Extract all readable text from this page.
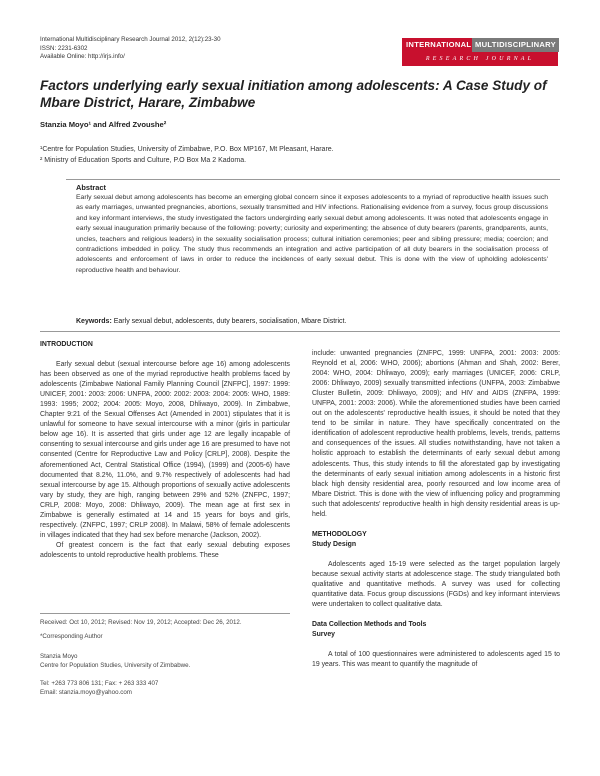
International Multidisciplinary Research Journal 2012, 2(12):23-30
ISSN: 2231-6302
Available Online: http://irjs.info/
INTERNATIONAL MULTIDISCIPLINARY
RESEARCH JOURNAL
Factors underlying early sexual initiation among adolescents: A Case Study of Mbare District, Harare, Zimbabwe
Stanzia Moyo¹ and Alfred Zvoushe²
¹Centre for Population Studies, University of Zimbabwe, P.O. Box MP167, Mt Pleasant, Harare.
² Ministry of Education Sports and Culture, P.O Box Ma 2 Kadoma.
Abstract
Early sexual debut among adolescents has become an emerging global concern since it exposes adolescents to a myriad of reproductive health issues such as early marriages, unwanted pregnancies, abortions, sexually transmitted and HIV infections. Rationalising evidence from a survey, focus group discussions and key informant interviews, the study investigated the factors undergirding early sexual debut among adolescents. It was noted that adolescents engage in early sexual inauguration primarily because of the following: poverty; curiosity and experimenting; the absence of duty bearers (parents, grandparents, aunts, uncles, teachers and religious leaders) in the sexuality socialisation process; cultural initiation ceremonies; peer and sibling pressure; media; coercion; and contradictions imbedded in policy. The study thus recommends an integration and active participation of all duty bearers in the socialisation process of adolescents and enforcement of laws in order to reduce the incidences of early sexual debut. This is done with the view of upholding adolescents' reproductive health and behaviour.
Keywords: Early sexual debut, adolescents, duty bearers, socialisation, Mbare District.
INTRODUCTION

Early sexual debut (sexual intercourse before age 16) among adolescents has been observed as one of the myriad reproductive health problems faced by adolescents (Zimbabwe National Family Planning Council [ZNFPC], 1997: 1999: UNICEF, 2001: 2003: 2006: UNFPA, 2000: 2002: 2003: 2004: 2005: WHO, 1989: 1993: 1995; 2002; 2004: 2005: Moyo, 2008, Dhliwayo, 2009). In Zimbabwe, Chapter 9:21 of the Sexual Offenses Act (Amended in 2001) stipulates that it is unlawful for someone to have sexual intercourse with a minor (girls in particular below age 16). It is asserted that girls under age 12 are legally incapable of consenting to sexual intercourse and girls under age 16 are presumed to have not consented (Centre for Reproductive Law and Policy [CRLP], 2008). Despite the aforementioned Act, Central Statistical Office (1994), (1999) and (2005-6) have documented that 8.2%, 11.0%, and 9.7% respectively of adolescents had had sexual intercourse by age 15. Although proportions of sexually active adolescents vary by study, they are high, ranging between 29% and 52% (ZNFPC, 1997; CRLP, 2008: Moyo, 2008: Dhliwayo, 2009). The mean age at first sex in Zimbabwe is generally estimated at 14 and 15 years for boys and girls, respectively. (ZNFPC, 1997; CRLP 2008). In Malawi, 58% of female adolescents in villages indicated that they had sex before menarche (Jackson, 2002).

Of greatest concern is the fact that early sexual debuting exposes adolescents to untold reproductive health problems. These

Received: Oct 10, 2012; Revised: Nov 19, 2012; Accepted: Dec 26, 2012.
*Corresponding Author
Stanzia Moyo
Centre for Population Studies, University of Zimbabwe.
Tel: +263 773 806 131; Fax: + 263 333 407
Email: stanzia.moyo@yahoo.com

include: unwanted pregnancies (ZNFPC, 1999: UNFPA, 2001: 2003: 2005: Reynold et al, 2006: WHO, 2006); abortions (Ahman and Shah, 2002: Berer, 2004: WHO, 2004: Dhliwayo, 2009); early marriages (UNICEF, 2006: CRLP, 2006: Dhliwayo, 2009) sexually transmitted infections (UNFPA, 2003: Zimbabwe Cluster Bulletin, 2009: Dhliwayo, 2009); and HIV and AIDS (ZNFPA, 1999: UNFPA, 2001: 2003: 2006). While the aforementioned studies have been carried out on the adolescents' reproductive health issues, it should be noted that they tend to be similar in nature. They have specifically concentrated on the identification of adolescent reproductive health problems, levels, trends, patterns and consequences of the issues. All studies notwithstanding, have not taken a holistic approach to establish the determinants of early sexual debut among adolescents. Thus, this study intends to fill the aforestated gap by investigating the determinants of early sexual initiation among adolescents in a historic first black high density residential area, poorly resourced and low income area of Mbare District. This is done with the view of influencing policy and programming such that adolescents' reproductive health in high density residential areas is up-held.

METHODOLOGY
Study Design

Adolescents aged 15-19 were selected as the target population largely because sexual activity starts at adolescence stage. The study triangulated both qualitative and quantitative methods. A survey was used for collecting quantitative data. Focus group discussions (FGDs) and key informant interviews were undertaken to collect qualitative data.

Data Collection Methods and Tools
Survey

A total of 100 questionnaires were administered to adolescents aged 15 to 19 years. This was meant to quantify the magnitude of
